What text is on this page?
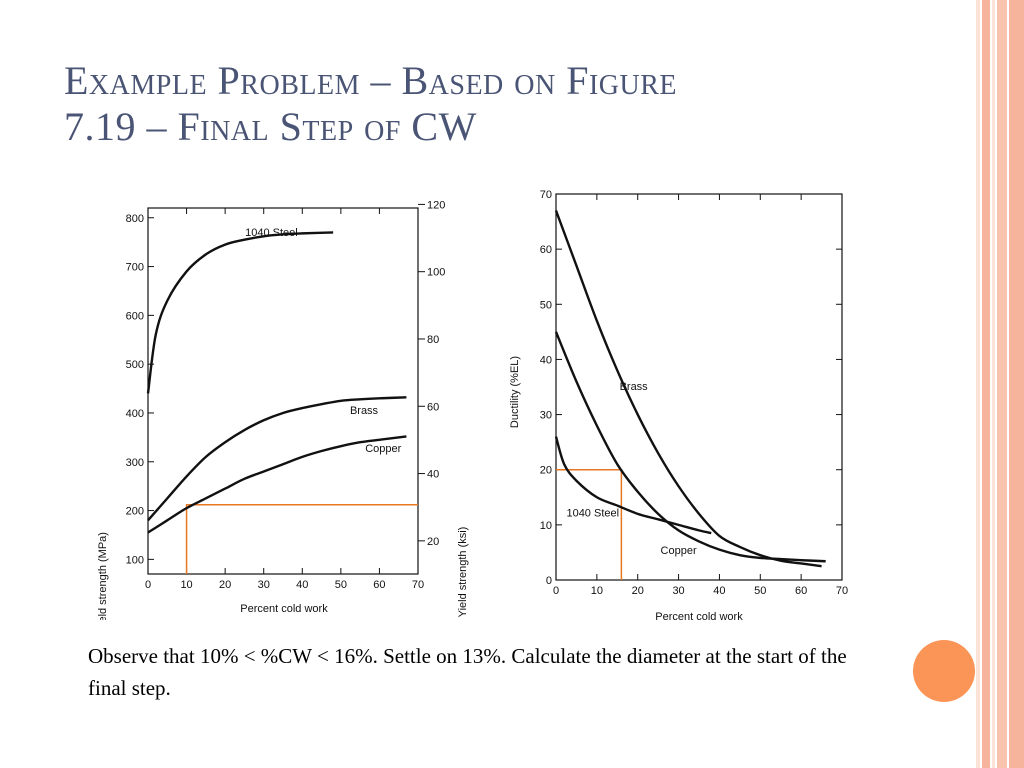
Example Problem – Based on Figure
7.19 – Final Step of CW
Yield strength (MPa)	Yield strength (ksi)
Percent cold work
0	10 20 30 40 50 60 70
100
200
300
400
500
600
700
800
20
40
60
80
100
120
1040 Steel
Brass
Copper
Ductility (%EL)
Percent cold work
0	10	20	30	40	50	60	70
0
10
20
30
40
50
60
70
Brass
Copper
1040 Steel
Observe that 10% < %CW < 16%. Settle on 13%. Calculate the diameter at the start of the final step.
